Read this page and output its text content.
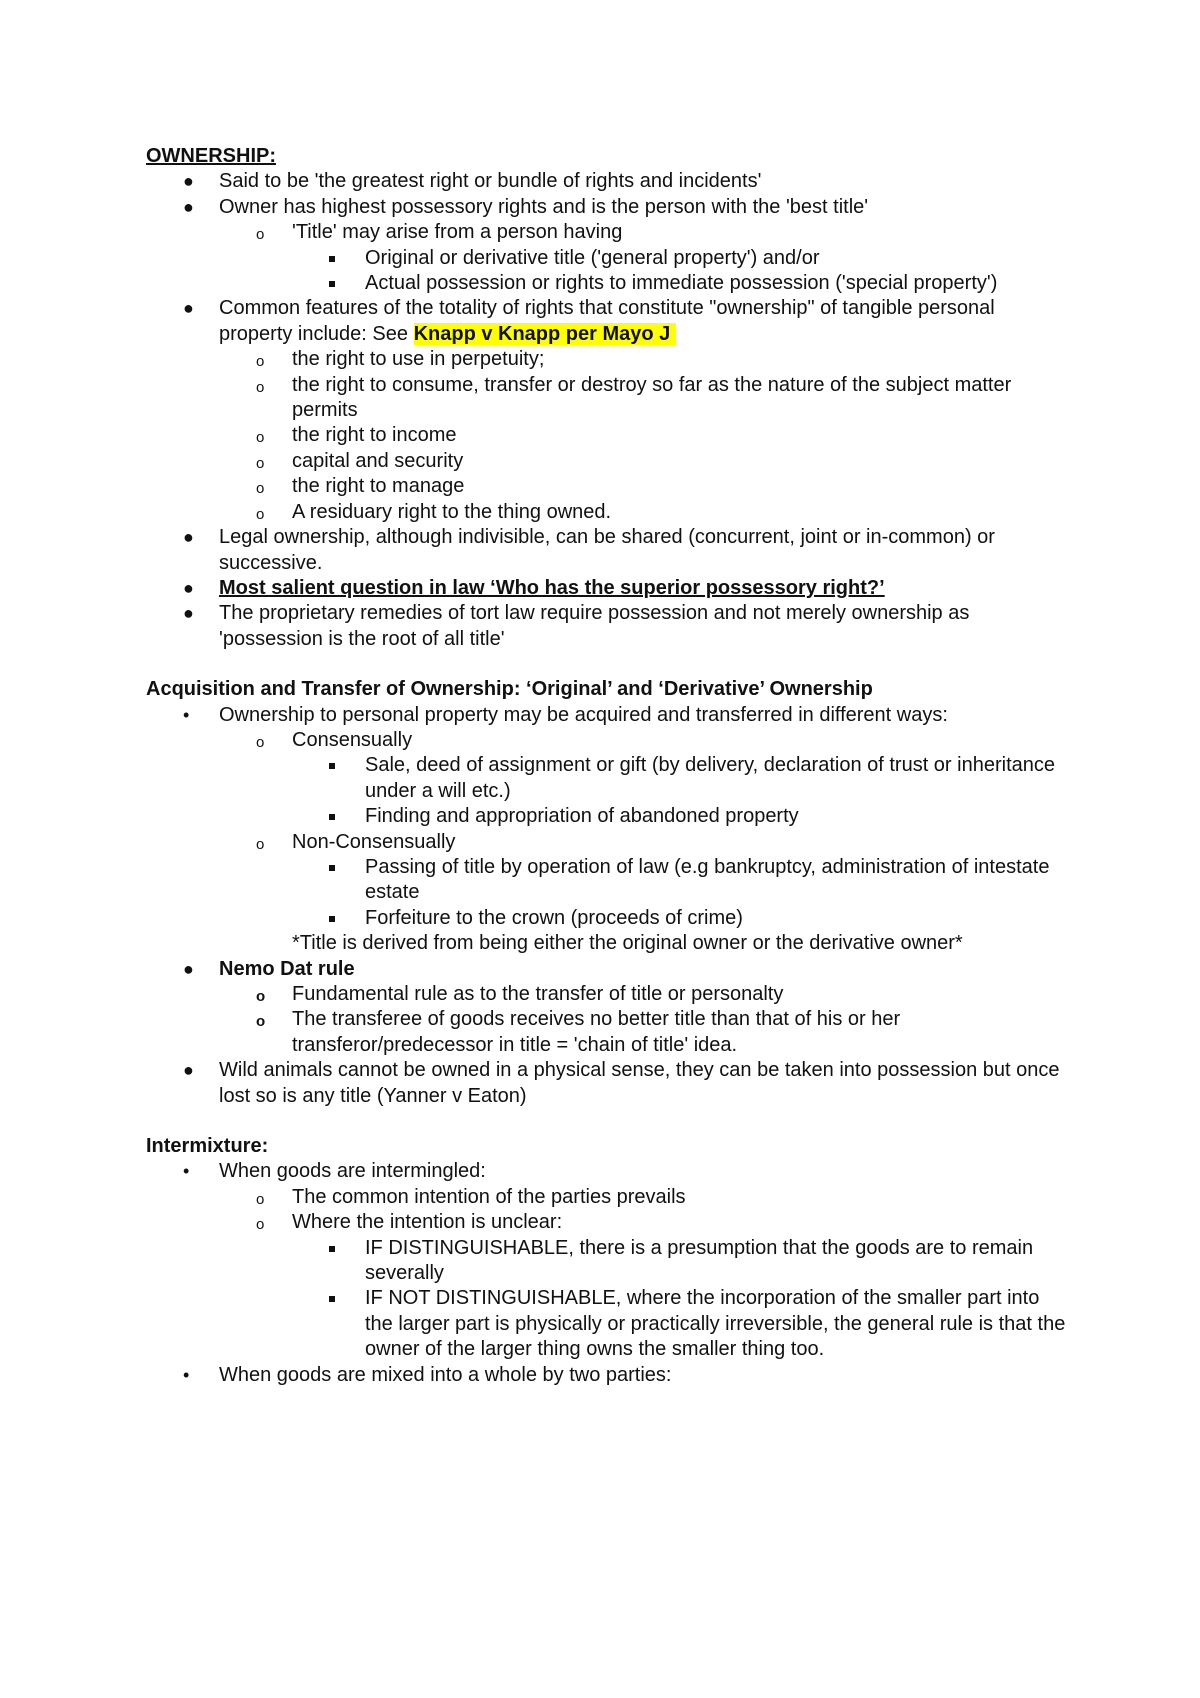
OWNERSHIP:
● Said to be 'the greatest right or bundle of rights and incidents'
● Owner has highest possessory rights and is the person with the 'best title'
o 'Title' may arise from a person having
Original or derivative title ('general property') and/or
Actual possession or rights to immediate possession ('special property')
● Common features of the totality of rights that constitute "ownership" of tangible personal property include: See Knapp v Knapp per Mayo J
o the right to use in perpetuity;
o the right to consume, transfer or destroy so far as the nature of the subject matter permits
o the right to income
o capital and security
o the right to manage
o A residuary right to the thing owned.
● Legal ownership, although indivisible, can be shared (concurrent, joint or in-common) or successive.
● Most salient question in law ‘Who has the superior possessory right?’
● The proprietary remedies of tort law require possession and not merely ownership as 'possession is the root of all title'
Acquisition and Transfer of Ownership: ‘Original’ and ‘Derivative’ Ownership
• Ownership to personal property may be acquired and transferred in different ways:
o Consensually
Sale, deed of assignment or gift (by delivery, declaration of trust or inheritance under a will etc.)
Finding and appropriation of abandoned property
o Non-Consensually
Passing of title by operation of law (e.g bankruptcy, administration of intestate estate
Forfeiture to the crown (proceeds of crime)
*Title is derived from being either the original owner or the derivative owner*
● Nemo Dat rule
o Fundamental rule as to the transfer of title or personalty
o The transferee of goods receives no better title than that of his or her transferor/predecessor in title = 'chain of title' idea.
● Wild animals cannot be owned in a physical sense, they can be taken into possession but once lost so is any title (Yanner v Eaton)
Intermixture:
• When goods are intermingled:
o The common intention of the parties prevails
o Where the intention is unclear:
IF DISTINGUISHABLE, there is a presumption that the goods are to remain severally
IF NOT DISTINGUISHABLE, where the incorporation of the smaller part into the larger part is physically or practically irreversible, the general rule is that the owner of the larger thing owns the smaller thing too.
• When goods are mixed into a whole by two parties:
